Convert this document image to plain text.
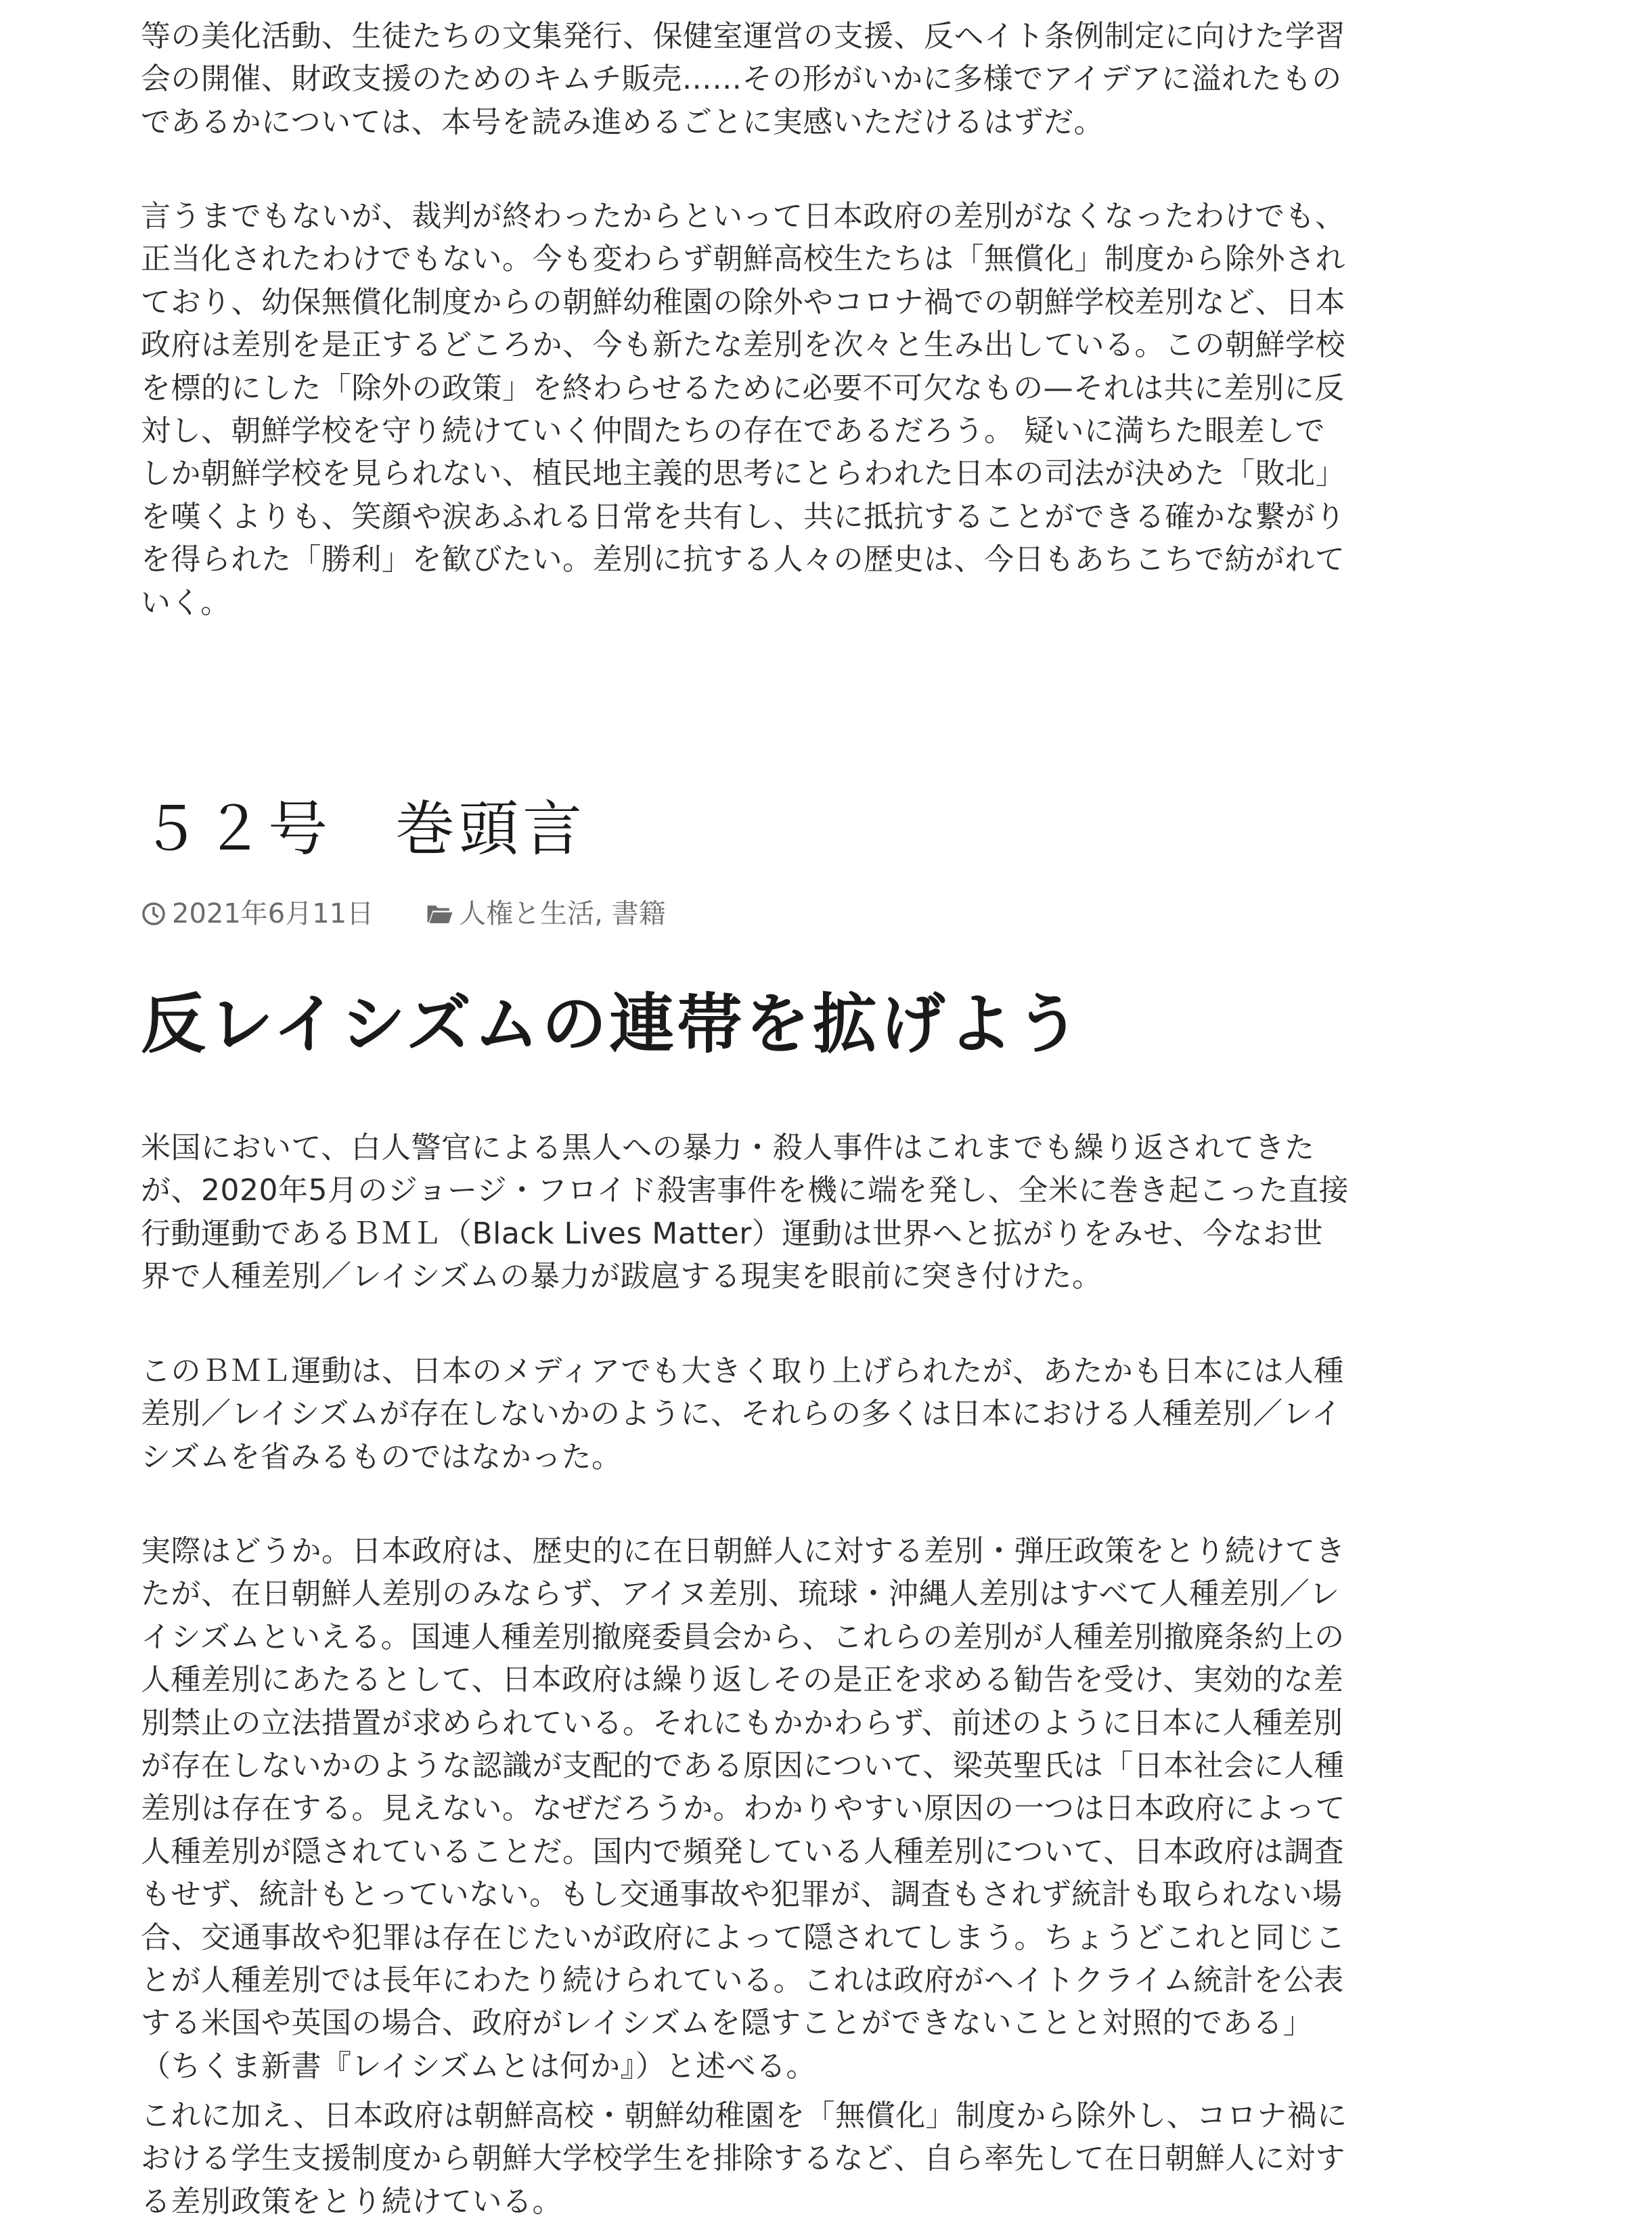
等の美化活動、生徒たちの文集発行、保健室運営の支援、反ヘイト条例制定に向けた学習会の開催、財政支援のためのキムチ販売……その形がいかに多様でアイデアに溢れたものであるかについては、本号を読み進めるごとに実感いただけるはずだ。

言うまでもないが、裁判が終わったからといって日本政府の差別がなくなったわけでも、正当化されたわけでもない。今も変わらず朝鮮高校生たちは「無償化」制度から除外されており、幼保無償化制度からの朝鮮幼稚園の除外やコロナ禍での朝鮮学校差別など、日本政府は差別を是正するどころか、今も新たな差別を次々と生み出している。この朝鮮学校を標的にした「除外の政策」を終わらせるために必要不可欠なもの—それは共に差別に反対し、朝鮮学校を守り続けていく仲間たちの存在であるだろう。 疑いに満ちた眼差しでしか朝鮮学校を見られない、植民地主義的思考にとらわれた日本の司法が決めた「敗北」を嘆くよりも、笑顔や涙あふれる日常を共有し、共に抵抗することができる確かな繋がりを得られた「勝利」を歓びたい。差別に抗する人々の歴史は、今日もあちこちで紡がれていく。

５２号　巻頭言
2021年6月11日	人権と生活 , 書籍
反レイシズムの連帯を拡げよう

米国において、白人警官による黒人への暴力・殺人事件はこれまでも繰り返されてきたが、2020年5月のジョージ・フロイド殺害事件を機に端を発し、全米に巻き起こった直接行動運動であるＢＭＬ（Black Lives Matter）運動は世界へと拡がりをみせ、今なお世界で人種差別／レイシズムの暴力が跋扈する現実を眼前に突き付けた。

このＢＭＬ運動は、日本のメディアでも大きく取り上げられたが、あたかも日本には人種差別／レイシズムが存在しないかのように、それらの多くは日本における人種差別／レイシズムを省みるものではなかった。

実際はどうか。日本政府は、歴史的に在日朝鮮人に対する差別・弾圧政策をとり続けてきたが、在日朝鮮人差別のみならず、アイヌ差別、琉球・沖縄人差別はすべて人種差別／レイシズムといえる。国連人種差別撤廃委員会から、これらの差別が人種差別撤廃条約上の人種差別にあたるとして、日本政府は繰り返しその是正を求める勧告を受け、実効的な差別禁止の立法措置が求められている。それにもかかわらず、前述のように日本に人種差別が存在しないかのような認識が支配的である原因について、梁英聖氏は「日本社会に人種差別は存在する。見えない。なぜだろうか。わかりやすい原因の一つは日本政府によって人種差別が隠されていることだ。国内で頻発している人種差別について、日本政府は調査もせず、統計もとっていない。もし交通事故や犯罪が、調査もされず統計も取られない場合、交通事故や犯罪は存在じたいが政府によって隠されてしまう。ちょうどこれと同じことが人種差別では長年にわたり続けられている。これは政府がヘイトクライム統計を公表する米国や英国の場合、政府がレイシズムを隠すことができないことと対照的である」（ちくま新書『レイシズムとは何か』）と述べる。

これに加え、日本政府は朝鮮高校・朝鮮幼稚園を「無償化」制度から除外し、コロナ禍における学生支援制度から朝鮮大学校学生を排除するなど、自ら率先して在日朝鮮人に対する差別政策をとり続けている。
